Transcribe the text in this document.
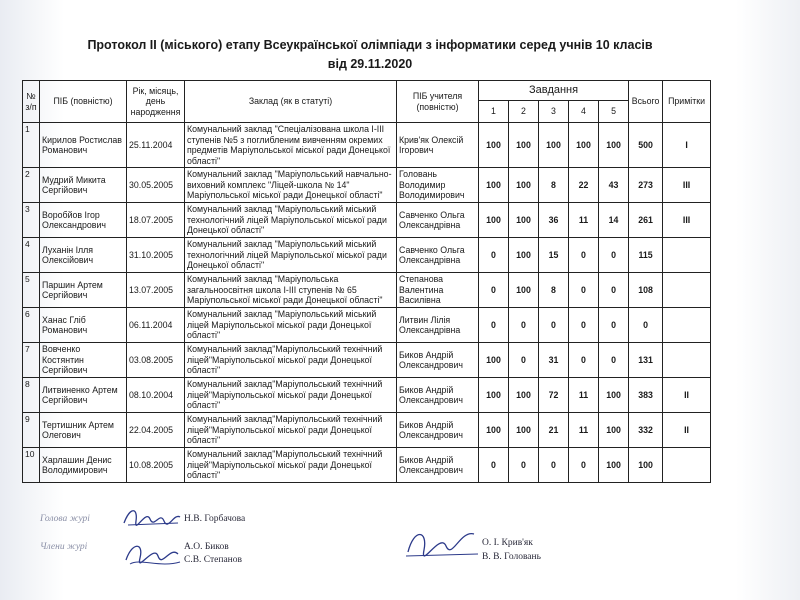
Протокол ІІ (міського) етапу Всеукраїнської олімпіади з інформатики серед учнів 10 класів
від 29.11.2020
№ з/п	ПІБ (повністю)	Рік, місяць, день народження	Заклад (як в статуті)	ПІБ учителя (повністю)	Завдання					Всього	Примітки
					1	2	3	4	5		
1	Кирилов Ростислав Романович	25.11.2004	Комунальний заклад "Спеціалізована школа І-ІІІ ступенів №5 з поглибленим вивченням окремих предметів Маріупольської міської ради Донецької області"	Крив'як Олексій Ігорович	100	100	100	100	100	500	I
2	Мудрий Микита Сергійович	30.05.2005	Комунальний заклад "Маріупольський навчально-виховний комплекс "Ліцей-школа № 14" Маріупольської міської ради Донецької області"	Головань Володимир Володимирович	100	100	8	22	43	273	III
3	Воробйов Ігор Олександрович	18.07.2005	Комунальний заклад "Маріупольський міський технологічний ліцей Маріупольської міської ради Донецької області"	Савченко Ольга Олександрівна	100	100	36	11	14	261	III
4	Луханін Ілля Олексійович	31.10.2005	Комунальний заклад "Маріупольський міський технологічний ліцей Маріупольської міської ради Донецької області"	Савченко Ольга Олександрівна	0	100	15	0	0	115	
5	Паршин Артем Сергійович	13.07.2005	Комунальний заклад "Маріупольська загальноосвітня школа І-ІІІ ступенів № 65 Маріупольської міської ради Донецької області"	Степанова Валентина Василівна	0	100	8	0	0	108	
6	Ханас Гліб Романович	06.11.2004	Комунальний заклад "Маріупольський міський ліцей Маріупольської міської ради Донецької області"	Литвин Лілія Олександрівна	0	0	0	0	0	0	
7	Вовченко Костянтин Сергійович	03.08.2005	Комунальний заклад"Маріупольський технічний ліцей"Маріупольської міської ради Донецької області"	Биков Андрій Олександрович	100	0	31	0	0	131	
8	Литвиненко Артем Сергійович	08.10.2004	Комунальний заклад"Маріупольський технічний ліцей"Маріупольської міської ради Донецької області"	Биков Андрій Олександрович	100	100	72	11	100	383	II
9	Тертишник Артем Олегович	22.04.2005	Комунальний заклад"Маріупольський технічний ліцей"Маріупольської міської ради Донецької області"	Биков Андрій Олександрович	100	100	21	11	100	332	II
10	Харлашин Денис Володимирович	10.08.2005	Комунальний заклад"Маріупольський технічний ліцей"Маріупольської міської ради Донецької області"	Биков Андрій Олександрович	0	0	0	0	100	100	
Голова журі	Н.В. Горбачова
Члени журі	А.О. Биков
С.В. Степанов
О. І. Крив'як
В. В. Головань
